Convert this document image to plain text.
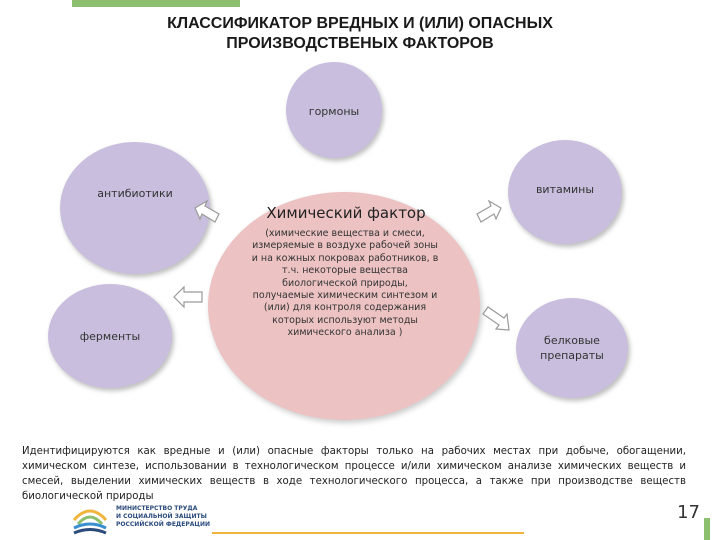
КЛАССИФИКАТОР ВРЕДНЫХ И (ИЛИ) ОПАСНЫХ
ПРОИЗВОДСТВЕНЫХ ФАКТОРОВ
Химический фактор
(химические вещества и смеси, измеряемые в воздухе рабочей зоны и на кожных покровах работников, в т.ч. некоторые вещества биологической природы, получаемые химическим синтезом и (или) для контроля содержания которых используют методы химического анализа )
гормоны
антибиотики	витамины
ферменты	белковые препараты
Идентифицируются как вредные и (или) опасные факторы только на рабочих местах при добыче, обогащении, химическом синтезе, использовании в технологическом процессе и/или химическом анализе химических веществ и смесей, выделении химических веществ в ходе технологического процесса, а также при производстве веществ биологической природы
МИНИСТЕРСТВО ТРУДА
И СОЦИАЛЬНОЙ ЗАЩИТЫ
РОССИЙСКОЙ ФЕДЕРАЦИИ
17
